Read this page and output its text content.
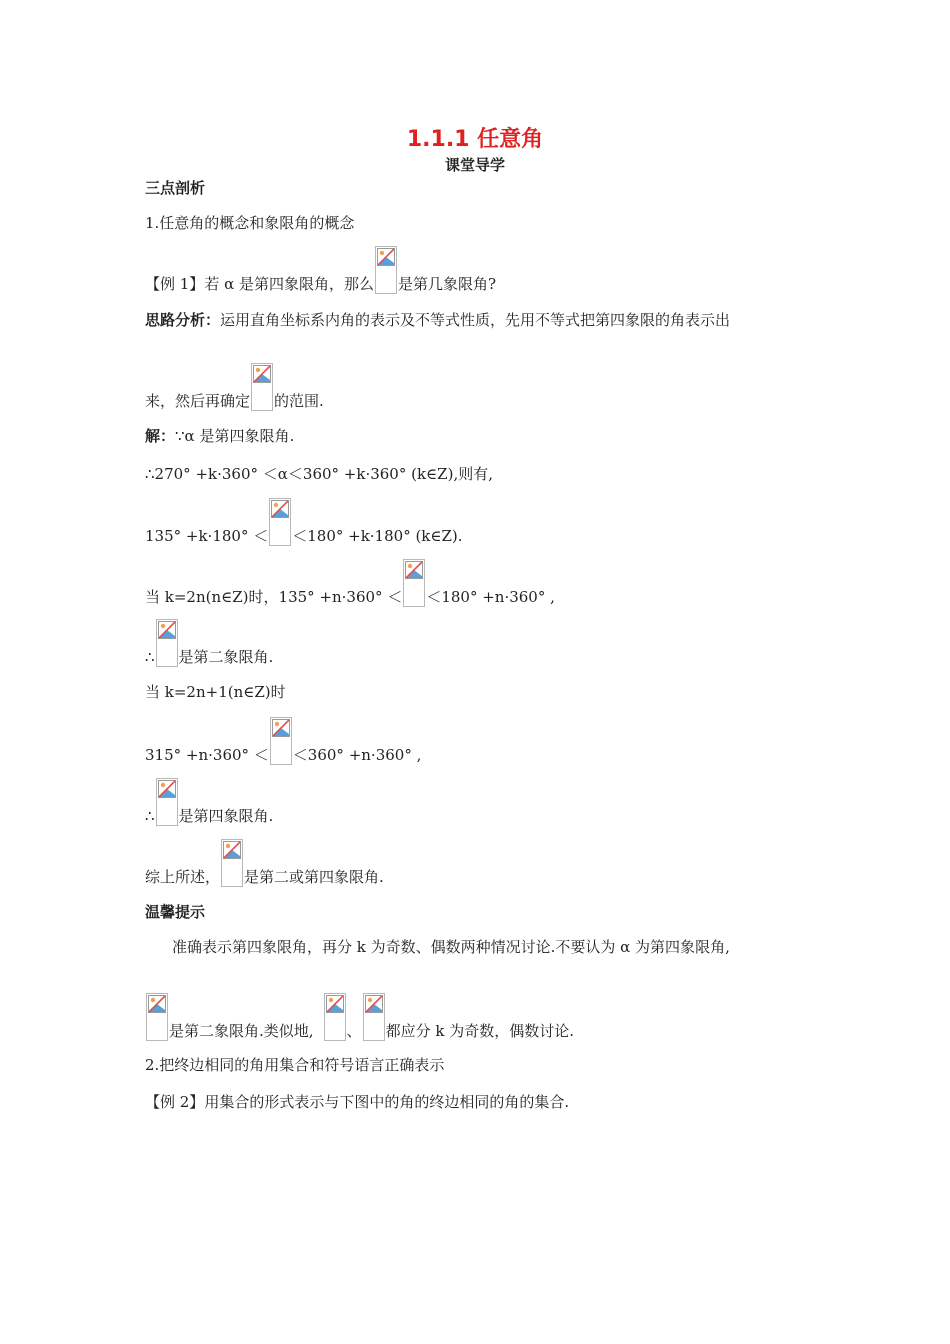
1.1.1 任意角
课堂导学
三点剖析
1.任意角的概念和象限角的概念
【例 1】 若 α 是第四象限角，那么 是第几象限角?
思路分析： 运用直角坐标系内角的表示及不等式性质，先用不等式把第四象限的角表示出
来，然后再确定 的范围.
解： ∵α 是第四象限角.
∴270° +k·360° ＜α＜360° +k·360° (k∈Z),则有,
135° +k·180° ＜ ＜180° +k·180° (k∈Z).
当 k=2n(n∈Z)时，135° +n·360° ＜ ＜180° +n·360° ,
∴ 是第二象限角.
当 k=2n+1(n∈Z)时
315° +n·360° ＜ ＜360° +n·360° ,
∴ 是第四象限角.
综上所述， 是第二或第四象限角.
温馨提示
准确表示第四象限角，再分 k 为奇数、偶数两种情况讨论.不要认为 α 为第四象限角,
是第二象限角.类似地, 、 都应分 k 为奇数，偶数讨论.
2.把终边相同的角用集合和符号语言正确表示
【例 2】 用集合的形式表示与下图中的角的终边相同的角的集合.
